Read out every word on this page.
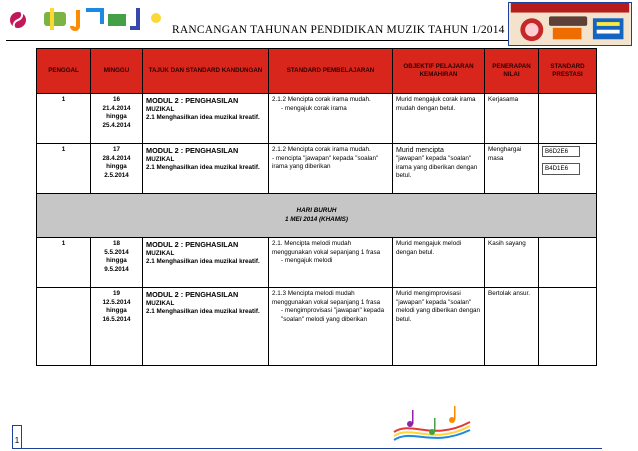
RANCANGAN TAHUNAN PENDIDIKAN MUZIK TAHUN 1/2014
PENGGAL	MINGGU	TAJUK DAN STANDARD KANDUNGAN	STANDARD PEMBELAJARAN	OBJEKTIF PELAJARAN KEMAHIRAN	PENERAPAN NILAI	STANDARD PRESTASI
1	16
21.4.2014
hingga
25.4.2014	MODUL 2 : PENGHASILAN
MUZIKAL
2.1 Menghasilkan idea muzikal kreatif.	2.1.2 Mencipta corak irama mudah.
- mengajuk corak irama	Murid mengajuk corak irama mudah dengan betul.	Kerjasama	
1	17
28.4.2014
hingga
2.5.2014	MODUL 2 : PENGHASILAN
MUZIKAL
2.1 Menghasilkan idea muzikal kreatif.	2.1.2 Mencipta corak irama mudah.
- mencipta "jawapan" kepada "soalan" irama yang diberikan	Murid mencipta
"jawapan" kepada "soalan" irama yang diberikan dengan betul.	Menghargai masa	B6D2E6
B4D1E6

HARI BURUH
1 MEI 2014 (KHAMIS)						

1	18
5.5.2014
hingga
9.5.2014	MODUL 2 : PENGHASILAN
MUZIKAL
2.1 Menghasilkan idea muzikal kreatif.	2.1. Mencipta melodi mudah menggunakan vokal sepanjang 1 frasa
- mengajuk melodi	Murid mengajuk melodi dengan betul.	Kasih sayang	

	19
12.5.2014
hingga
16.5.2014	MODUL 2 : PENGHASILAN
MUZIKAL
2.1 Menghasilkan idea muzikal kreatif.	2.1.3 Mencipta melodi mudah menggunakan vokal sepanjang 1 frasa
- mengimprovisasi "jawapan" kepada "soalan" melodi yang diberikan	Murid mengimprovisasi "jawapan" kepada "soalan" melodi yang diberikan dengan betul.	Bertolak ansur.	
1
